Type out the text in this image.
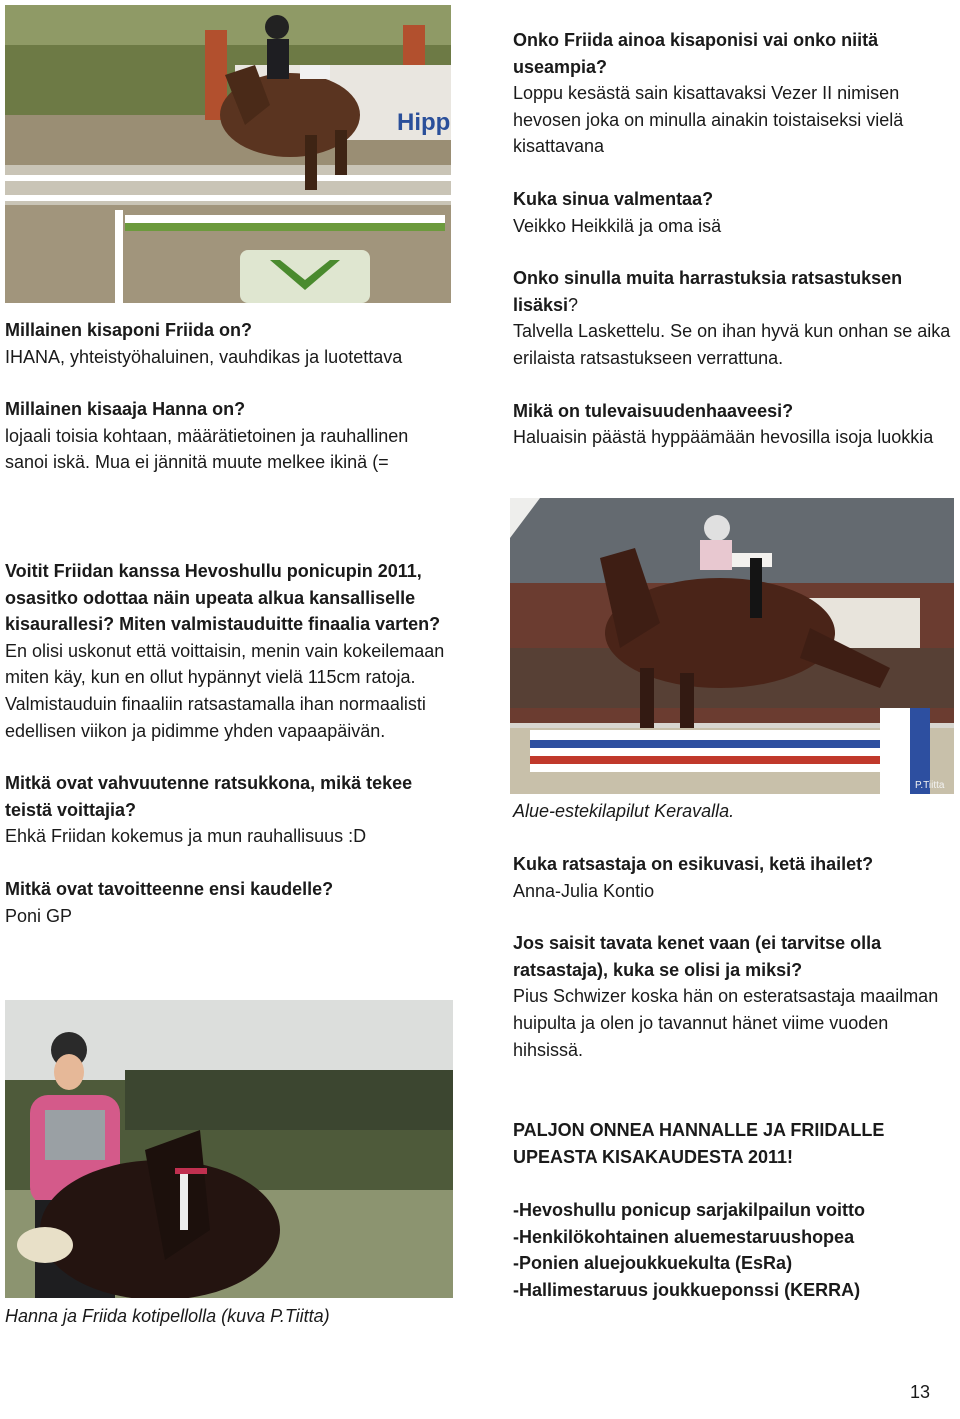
Hipp
P.Tiitta

Millainen kisaponi Friida on?

IHANA, yhteistyöhaluinen, vauhdikas ja luotettava

Millainen kisaaja Hanna on?

lojaali toisia kohtaan, määrätietoinen ja rauhallinen sanoi iskä. Mua ei jännitä muute melkee ikinä (=

Voitit Friidan kanssa Hevoshullu ponicupin 2011, osasitko odottaa näin upeata alkua kansalliselle kisaurallesi? Miten valmistauduitte finaalia varten?

En olisi uskonut että voittaisin, menin vain kokeilemaan miten käy, kun en ollut hypännyt vielä 115cm ratoja. Valmistauduin finaaliin ratsastamalla ihan normaalisti edellisen viikon ja pidimme yhden vapaapäivän.

Mitkä ovat vahvuutenne ratsukkona, mikä tekee teistä voittajia?

Ehkä Friidan kokemus ja mun rauhallisuus :D

Mitkä ovat tavoitteenne ensi kaudelle?

Poni GP

Hanna ja Friida kotipellolla (kuva P.Tiitta)

Onko Friida ainoa kisaponisi vai onko niitä useampia?

Loppu kesästä sain kisattavaksi Vezer II nimisen hevosen joka on minulla ainakin toistaiseksi vielä kisattavana

Kuka sinua valmentaa?

Veikko Heikkilä ja oma isä

Onko sinulla muita harrastuksia ratsastuksen lisäksi?

Talvella Laskettelu. Se on ihan hyvä kun onhan se aika erilaista ratsastukseen verrattuna.

Mikä on tulevaisuudenhaaveesi?

Haluaisin päästä hyppäämään hevosilla isoja luokkia

Alue-estekilapilut Keravalla.

Kuka ratsastaja on esikuvasi, ketä ihailet?

Anna-Julia Kontio

Jos saisit tavata kenet vaan (ei tarvitse olla ratsastaja), kuka se olisi ja miksi?

Pius Schwizer koska hän on esteratsastaja maailman huipulta ja olen jo tavannut hänet viime vuoden hihsissä.

PALJON ONNEA HANNALLE JA FRIIDALLE UPEASTA KISAKAUDESTA 2011!

-Hevoshullu ponicup sarjakilpailun voitto

-Henkilökohtainen aluemestaruushopea

-Ponien aluejoukkuekulta (EsRa)

-Hallimestaruus joukkueponssi (KERRA)

13
